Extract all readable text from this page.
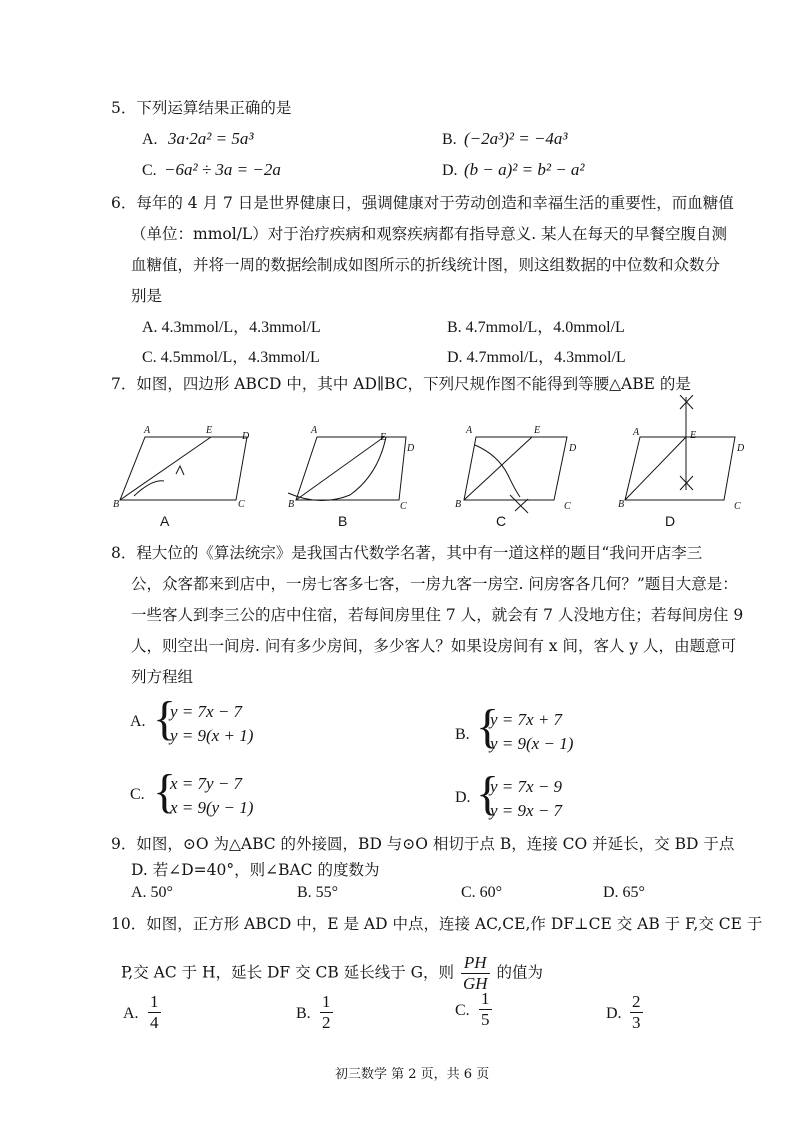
5．下列运算结果正确的是
A. 3a·2a² = 5a³	B. (−2a³)² = −4a³
C. −6a² ÷ 3a = −2a	D. (b − a)² = b² − a²
6．每年的 4 月 7 日是世界健康日，强调健康对于劳动创造和幸福生活的重要性，而血糖值
（单位：mmol/L）对于治疗疾病和观察疾病都有指导意义. 某人在每天的早餐空腹自测
血糖值，并将一周的数据绘制成如图所示的折线统计图，则这组数据的中位数和众数分
别是
A. 4.3mmol/L，4.3mmol/L	B. 4.7mmol/L，4.0mmol/L
C. 4.5mmol/L，4.3mmol/L	D. 4.7mmol/L，4.3mmol/L
7．如图，四边形 ABCD 中，其中 AD∥BC，下列尺规作图不能得到等腰△ABE 的是
A	E
D
B	C
A
E
D
B	C
A	E
D
B	C
A	E
D
B	C
A	B	C	D
8．程大位的《算法统宗》是我国古代数学名著，其中有一道这样的题目“我问开店李三
公，众客都来到店中，一房七客多七客，一房九客一房空. 问房客各几何？”题目大意是：
一些客人到李三公的店中住宿，若每间房里住 7 人，就会有 7 人没地方住；若每间房住 9
人，则空出一间房. 问有多少房间，多少客人？如果设房间有 x 间，客人 y 人，由题意可
列方程组
A. {
y = 7x − 7
y = 9(x + 1)	B. {
y = 7x + 7
y = 9(x − 1)
C. {
x = 7y − 7
x = 9(y − 1)
D. {
y = 7x − 9
y = 9x − 7
9．如图，⊙O 为△ABC 的外接圆，BD 与⊙O 相切于点 B，连接 CO 并延长，交 BD 于点
D. 若∠D=40°，则∠BAC 的度数为
A. 50°	B. 55°	C. 60°	D. 65°
10．如图，正方形 ABCD 中，E 是 AD 中点，连接 AC,CE,作 DF⊥CE 交 AB 于 F,交 CE 于
P,交 AC 于 H，延长 DF 交 CB 延长线于 G，则 $\frac{PH}{GH}$ 的值为
A. $\frac{1}{4}$	B. $\frac{1}{2}$	C. $\frac{1}{5}$	D. $\frac{2}{3}$
初三数学 第 2 页，共 6 页
